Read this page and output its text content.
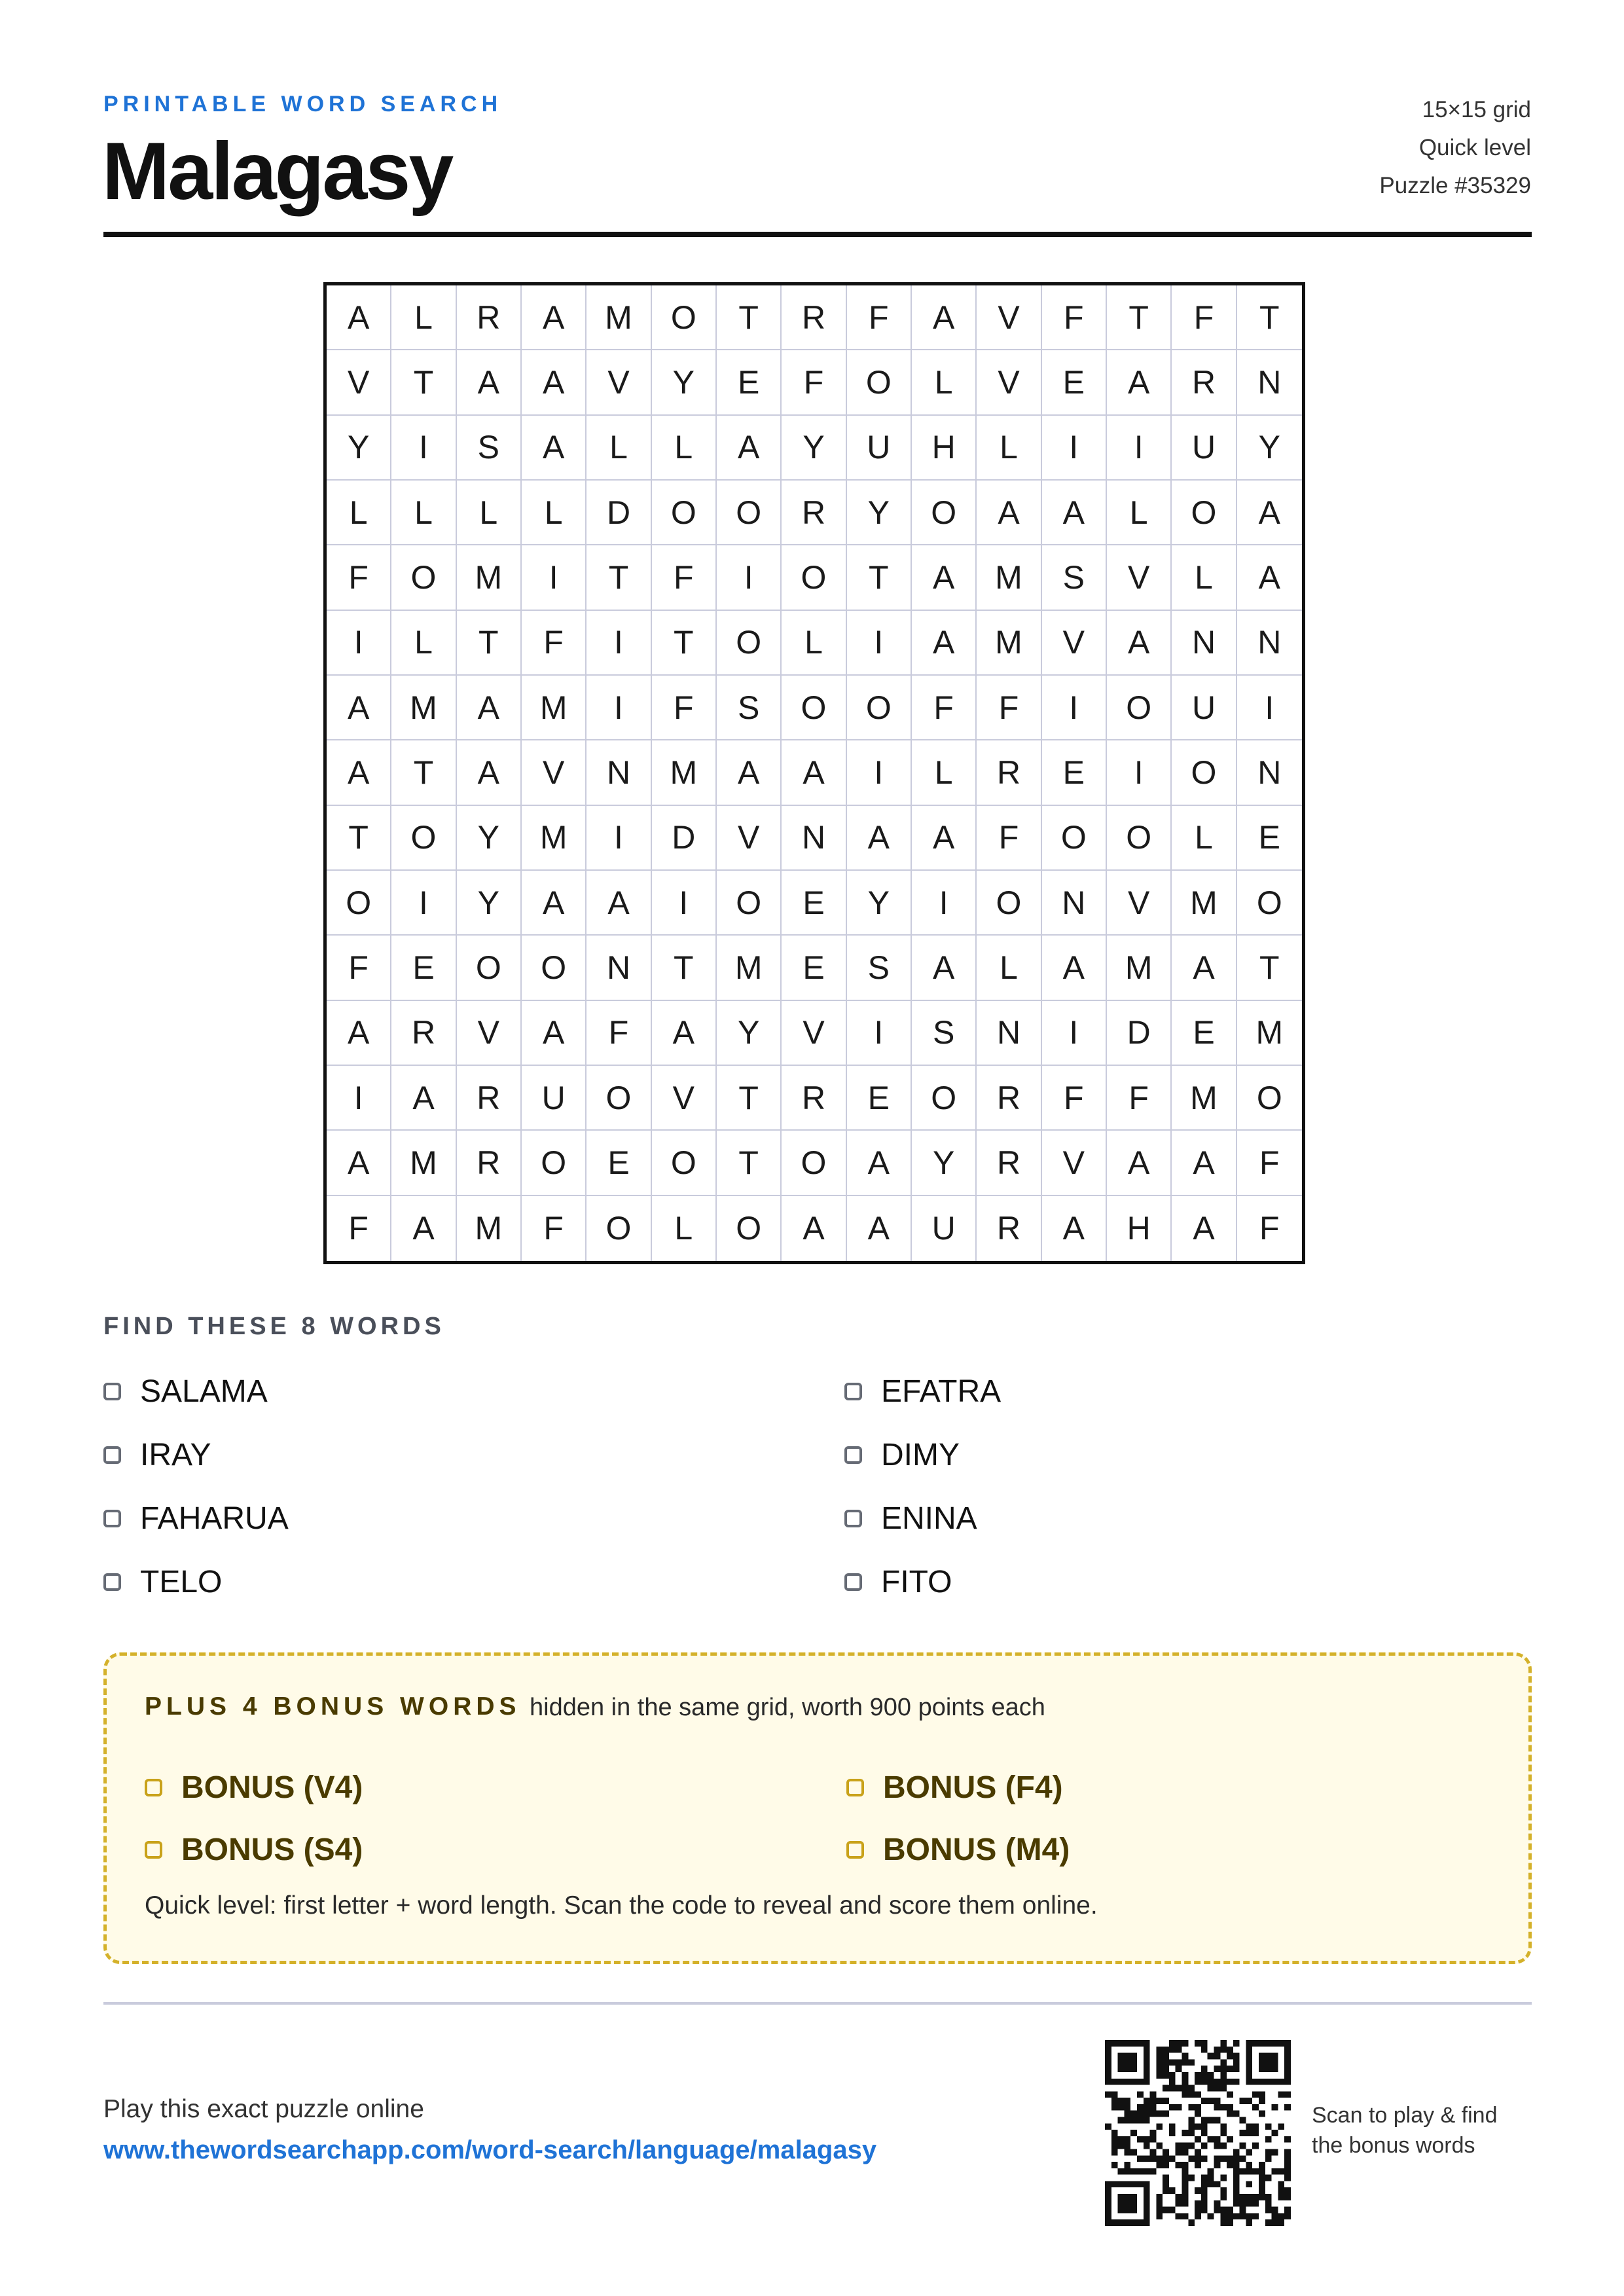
PRINTABLE WORD SEARCH
Malagasy
15×15 grid
Quick level
Puzzle #35329
A	L	R	A	M	O	T	R	F	A	V	F	T	F	T
V	T	A	A	V	Y	E	F	O	L	V	E	A	R	N
Y	I	S	A	L	L	A	Y	U	H	L	I	I	U	Y
L	L	L	L	D	O	O	R	Y	O	A	A	L	O	A
F	O	M	I	T	F	I	O	T	A	M	S	V	L	A
I	L	T	F	I	T	O	L	I	A	M	V	A	N	N
A	M	A	M	I	F	S	O	O	F	F	I	O	U	I
A	T	A	V	N	M	A	A	I	L	R	E	I	O	N
T	O	Y	M	I	D	V	N	A	A	F	O	O	L	E
O	I	Y	A	A	I	O	E	Y	I	O	N	V	M	O
F	E	O	O	N	T	M	E	S	A	L	A	M	A	T
A	R	V	A	F	A	Y	V	I	S	N	I	D	E	M
I	A	R	U	O	V	T	R	E	O	R	F	F	M	O
A	M	R	O	E	O	T	O	A	Y	R	V	A	A	F
F	A	M	F	O	L	O	A	A	U	R	A	H	A	F
FIND THESE 8 WORDS
SALAMA	EFATRA
IRAY	DIMY
FAHARUA	ENINA
TELO	FITO
PLUS 4 BONUS WORDS hidden in the same grid, worth 900 points each
BONUS (V4)	BONUS (F4)
BONUS (S4)	BONUS (M4)
Quick level: first letter + word length. Scan the code to reveal and score them online.
Play this exact puzzle online
www.thewordsearchapp.com/word-search/language/malagasy
Scan to play & find
the bonus words
